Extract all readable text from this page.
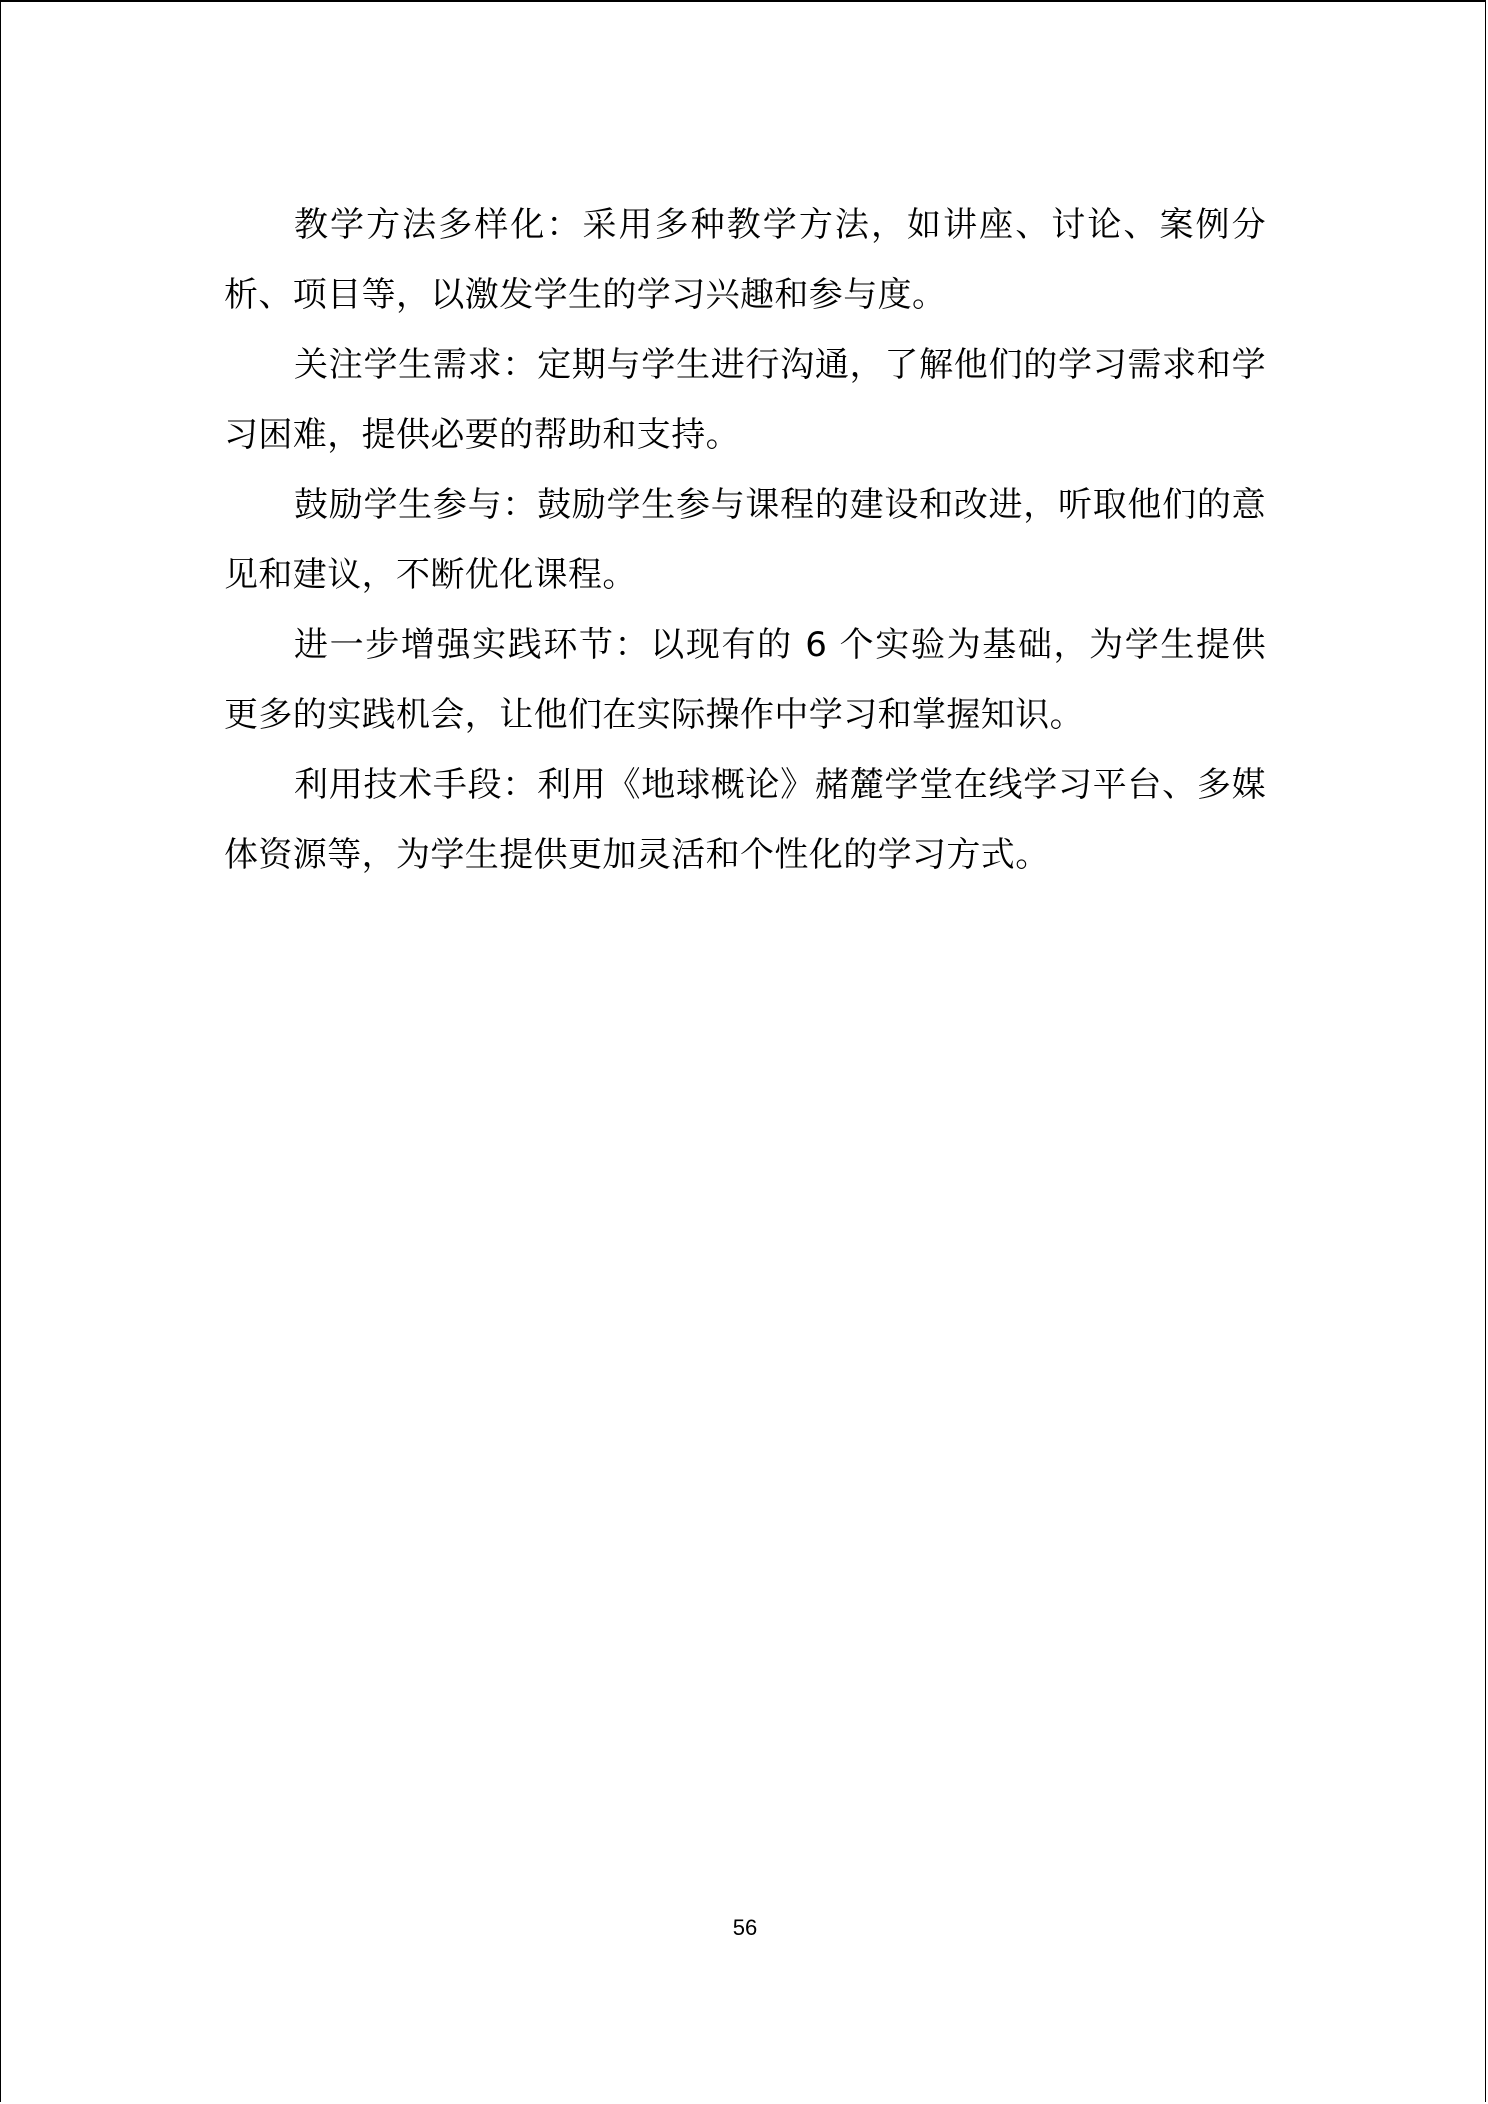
教学方法多样化：采用多种教学方法，如讲座、讨论、案例分析、项目等，以激发学生的学习兴趣和参与度。

关注学生需求：定期与学生进行沟通，了解他们的学习需求和学习困难，提供必要的帮助和支持。

鼓励学生参与：鼓励学生参与课程的建设和改进，听取他们的意见和建议，不断优化课程。

进一步增强实践环节：以现有的 6 个实验为基础，为学生提供更多的实践机会，让他们在实际操作中学习和掌握知识。

利用技术手段：利用《地球概论》赭麓学堂在线学习平台、多媒体资源等，为学生提供更加灵活和个性化的学习方式。

56
